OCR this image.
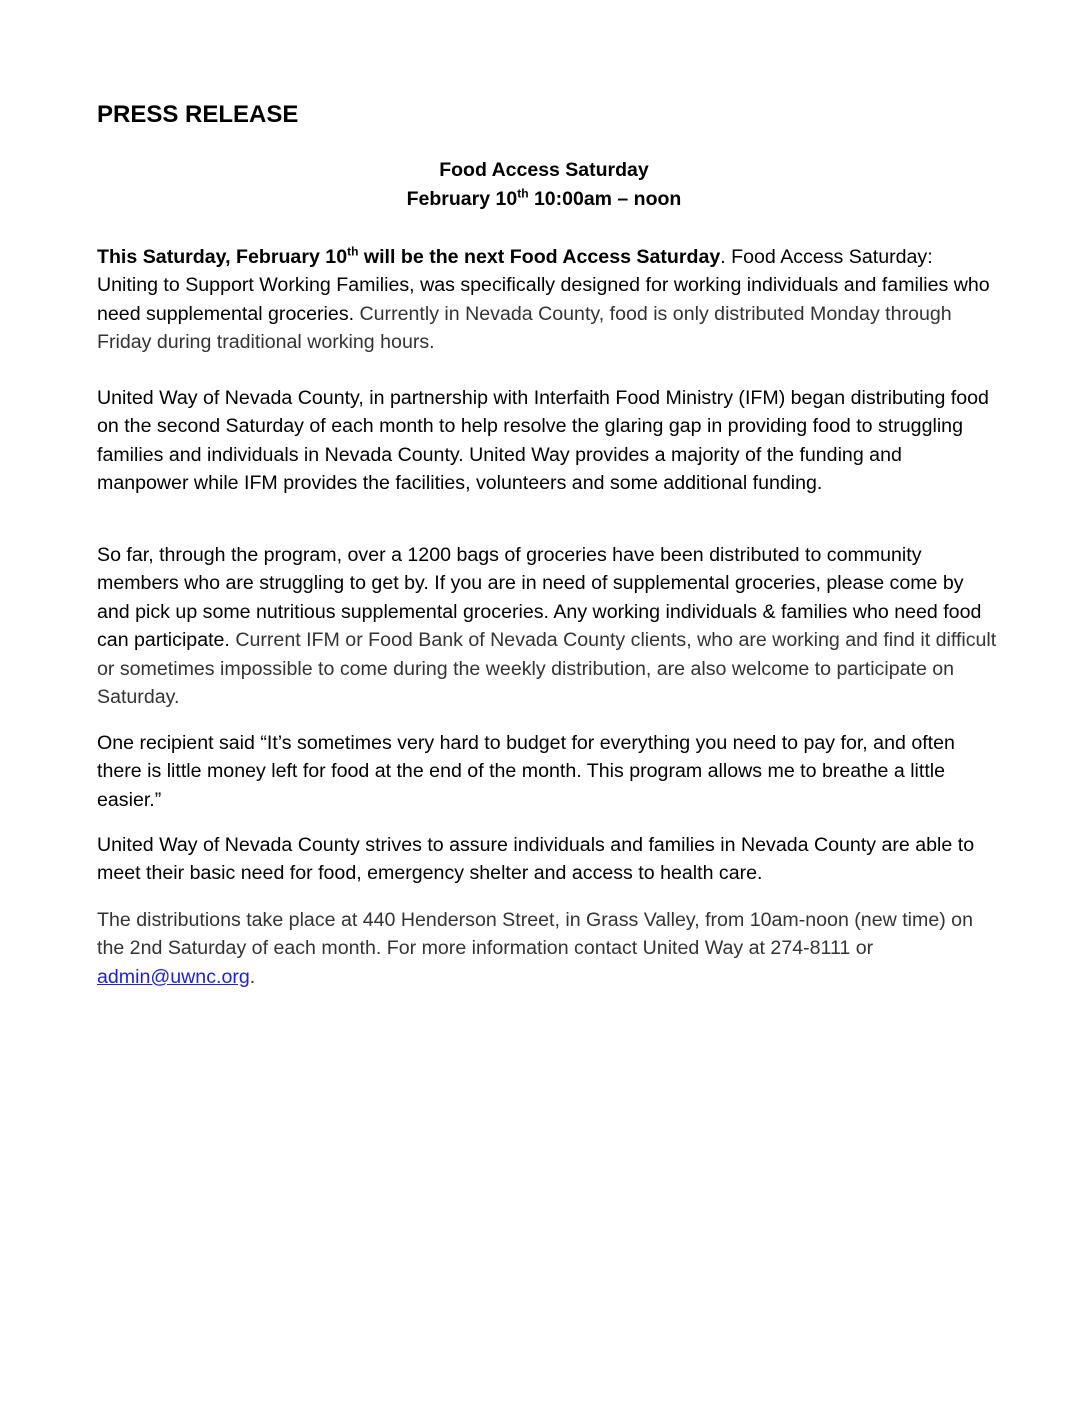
PRESS RELEASE

Food Access Saturday

February 10th 10:00am – noon

This Saturday, February 10th will be the next Food Access Saturday. Food Access Saturday: Uniting to Support Working Families, was specifically designed for working individuals and families who need supplemental groceries. Currently in Nevada County, food is only distributed Monday through Friday during traditional working hours.

United Way of Nevada County, in partnership with Interfaith Food Ministry (IFM) began distributing food on the second Saturday of each month to help resolve the glaring gap in providing food to struggling families and individuals in Nevada County. United Way provides a majority of the funding and manpower while IFM provides the facilities, volunteers and some additional funding.

So far, through the program, over a 1200 bags of groceries have been distributed to community members who are struggling to get by. If you are in need of supplemental groceries, please come by and pick up some nutritious supplemental groceries. Any working individuals & families who need food can participate. Current IFM or Food Bank of Nevada County clients, who are working and find it difficult or sometimes impossible to come during the weekly distribution, are also welcome to participate on Saturday.

One recipient said “It’s sometimes very hard to budget for everything you need to pay for, and often there is little money left for food at the end of the month. This program allows me to breathe a little easier.”

United Way of Nevada County strives to assure individuals and families in Nevada County are able to meet their basic need for food, emergency shelter and access to health care.

The distributions take place at 440 Henderson Street, in Grass Valley, from 10am-noon (new time) on the 2nd Saturday of each month. For more information contact United Way at 274-8111 or admin@uwnc.org.
